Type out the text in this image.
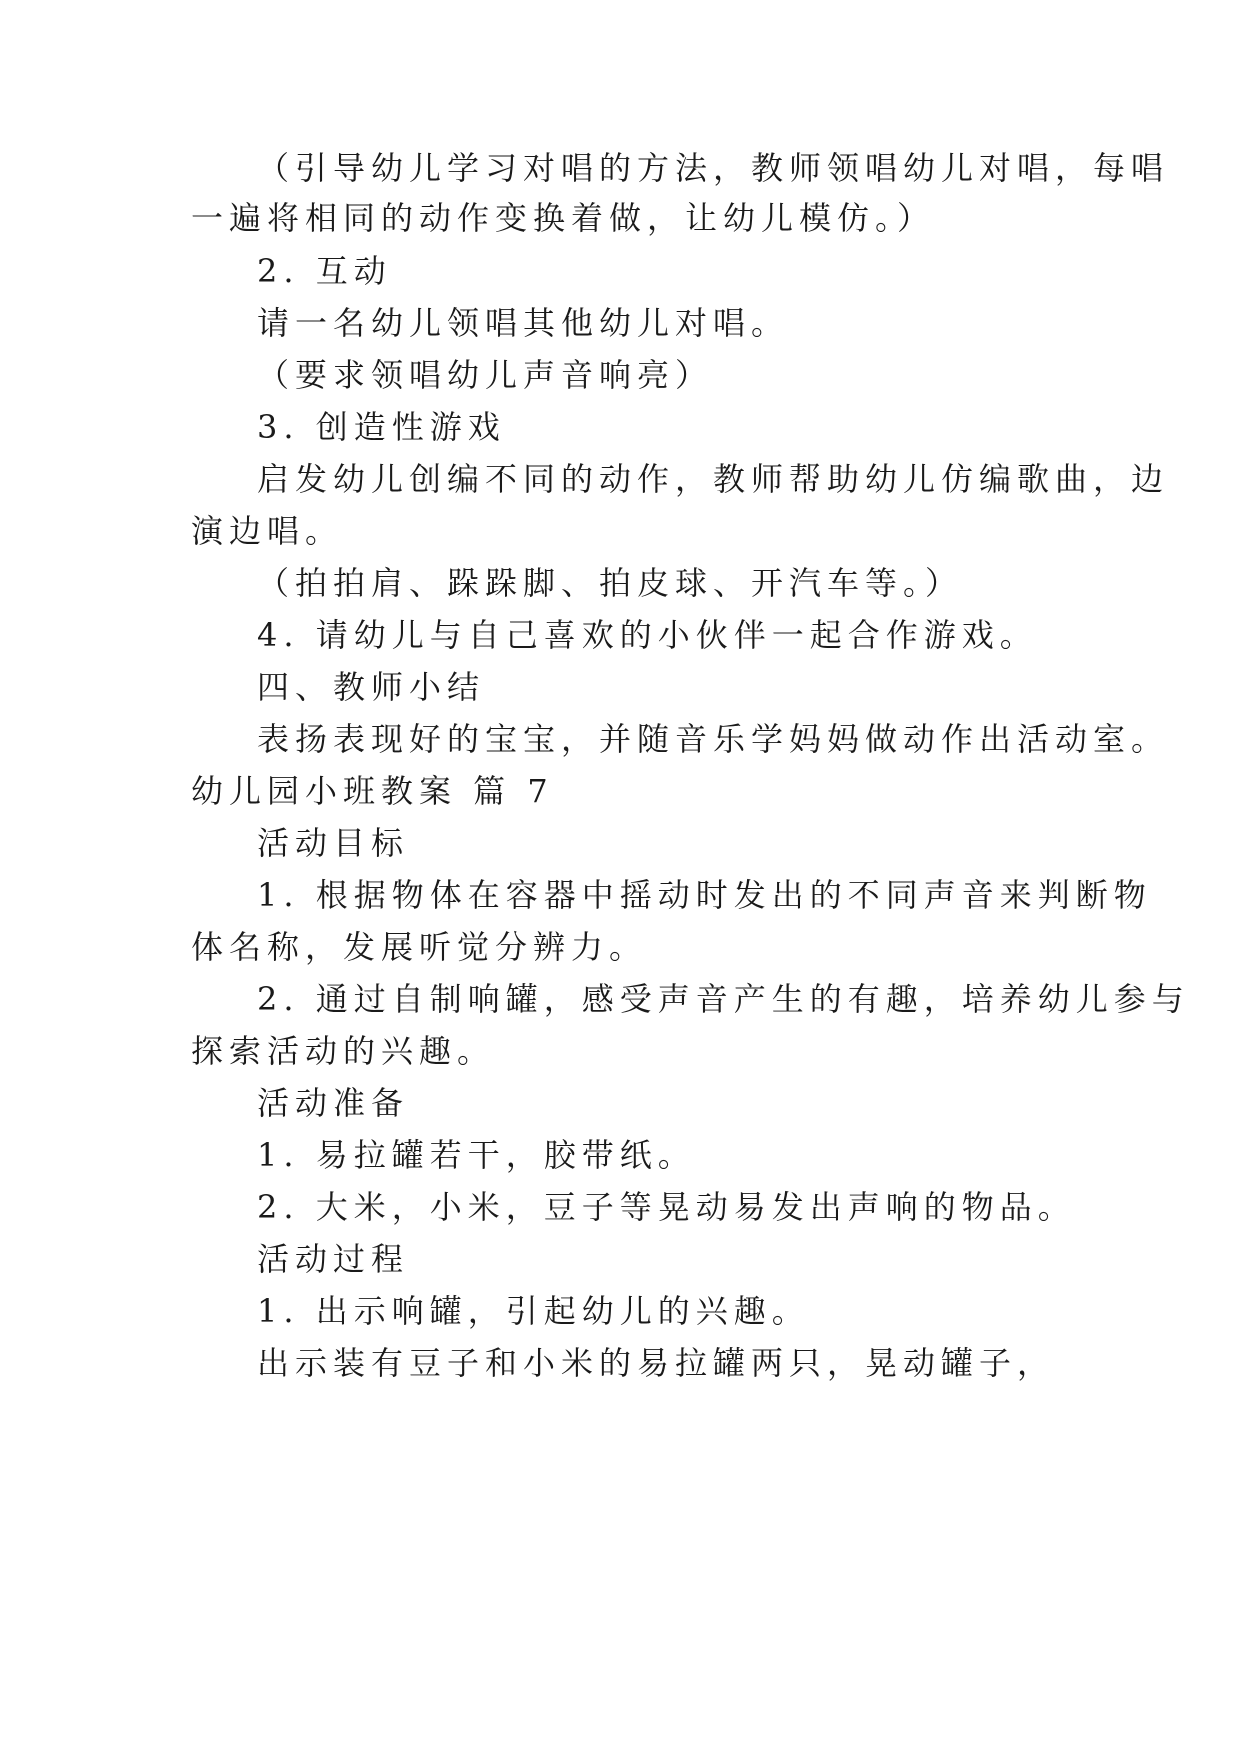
（引导幼儿学习对唱的方法，教师领唱幼儿对唱，每唱
一遍将相同的动作变换着做，让幼儿模仿。）
2. 互动
请一名幼儿领唱其他幼儿对唱。
（要求领唱幼儿声音响亮）
3. 创造性游戏
启发幼儿创编不同的动作，教师帮助幼儿仿编歌曲，边
演边唱。
（拍拍肩、跺跺脚、拍皮球、开汽车等。）
4. 请幼儿与自己喜欢的小伙伴一起合作游戏。
四、教师小结
表扬表现好的宝宝，并随音乐学妈妈做动作出活动室。
幼儿园小班教案 篇 7
活动目标
1. 根据物体在容器中摇动时发出的不同声音来判断物
体名称，发展听觉分辨力。
2. 通过自制响罐，感受声音产生的有趣，培养幼儿参与
探索活动的兴趣。
活动准备
1. 易拉罐若干，胶带纸。
2. 大米，小米，豆子等晃动易发出声响的物品。
活动过程
1. 出示响罐，引起幼儿的兴趣。
出示装有豆子和小米的易拉罐两只，晃动罐子，
